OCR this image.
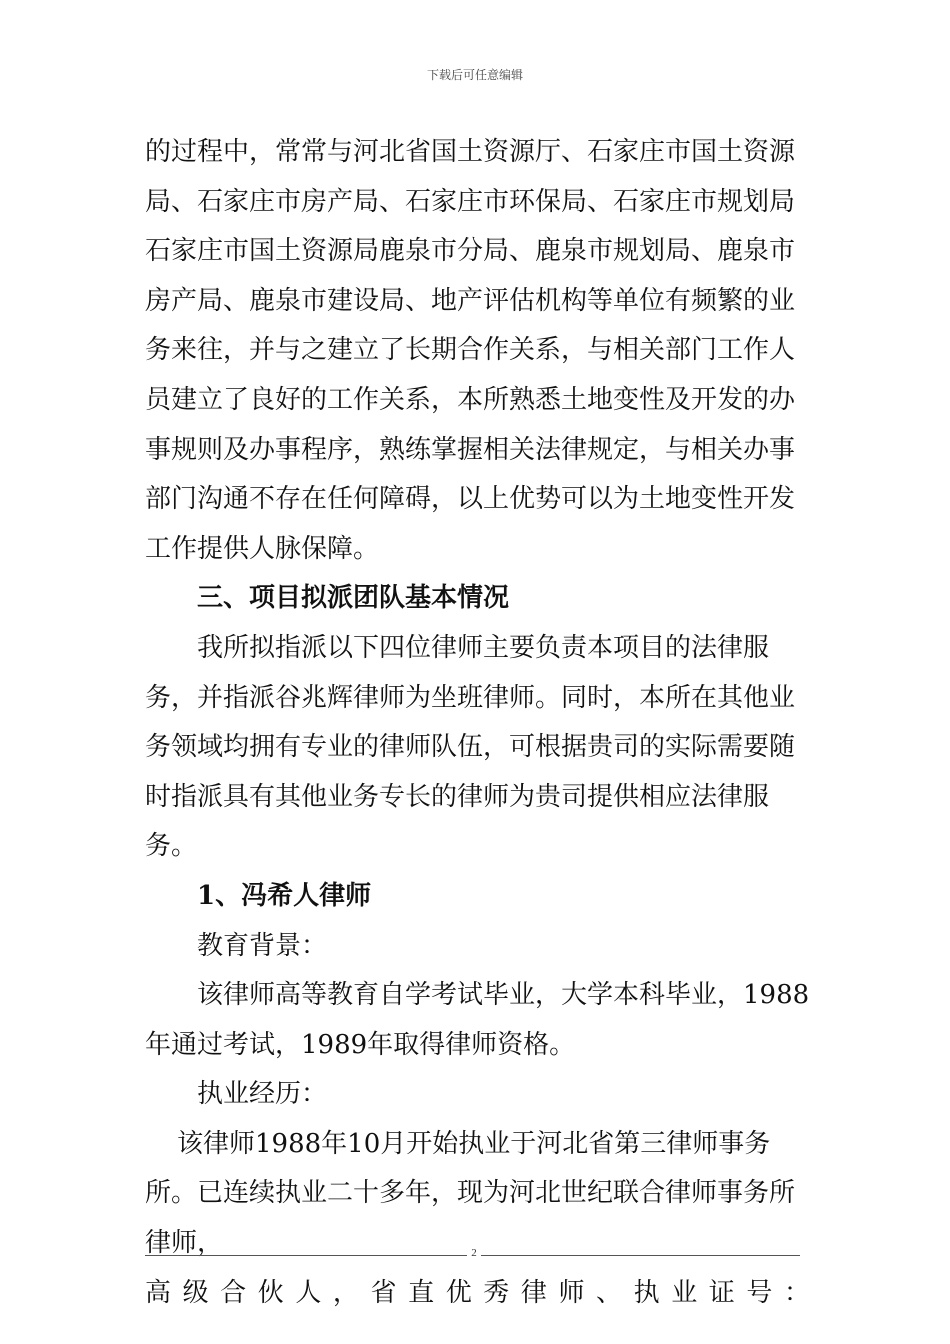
下载后可任意编辑

的过程中，常常与河北省国土资源厅、石家庄市国土资源局、石家庄市房产局、石家庄市环保局、石家庄市规划局石家庄市国土资源局鹿泉市分局、鹿泉市规划局、鹿泉市房产局、鹿泉市建设局、地产评估机构等单位有频繁的业务来往，并与之建立了长期合作关系，与相关部门工作人员建立了良好的工作关系，本所熟悉土地变性及开发的办事规则及办事程序，熟练掌握相关法律规定，与相关办事部门沟通不存在任何障碍，以上优势可以为土地变性开发工作提供人脉保障。

三、项目拟派团队基本情况

我所拟指派以下四位律师主要负责本项目的法律服务，并指派谷兆辉律师为坐班律师。同时，本所在其他业务领域均拥有专业的律师队伍，可根据贵司的实际需要随时指派具有其他业务专长的律师为贵司提供相应法律服务。

1、冯希人律师

教育背景：

该律师高等教育自学考试毕业，大学本科毕业，1988年通过考试，1989年取得律师资格。

执业经历：

该律师1988年10月开始执业于河北省第三律师事务所。已连续执业二十多年，现为河北世纪联合律师事务所律师，

高级合伙人，省直优秀律师、执业证号：

2
